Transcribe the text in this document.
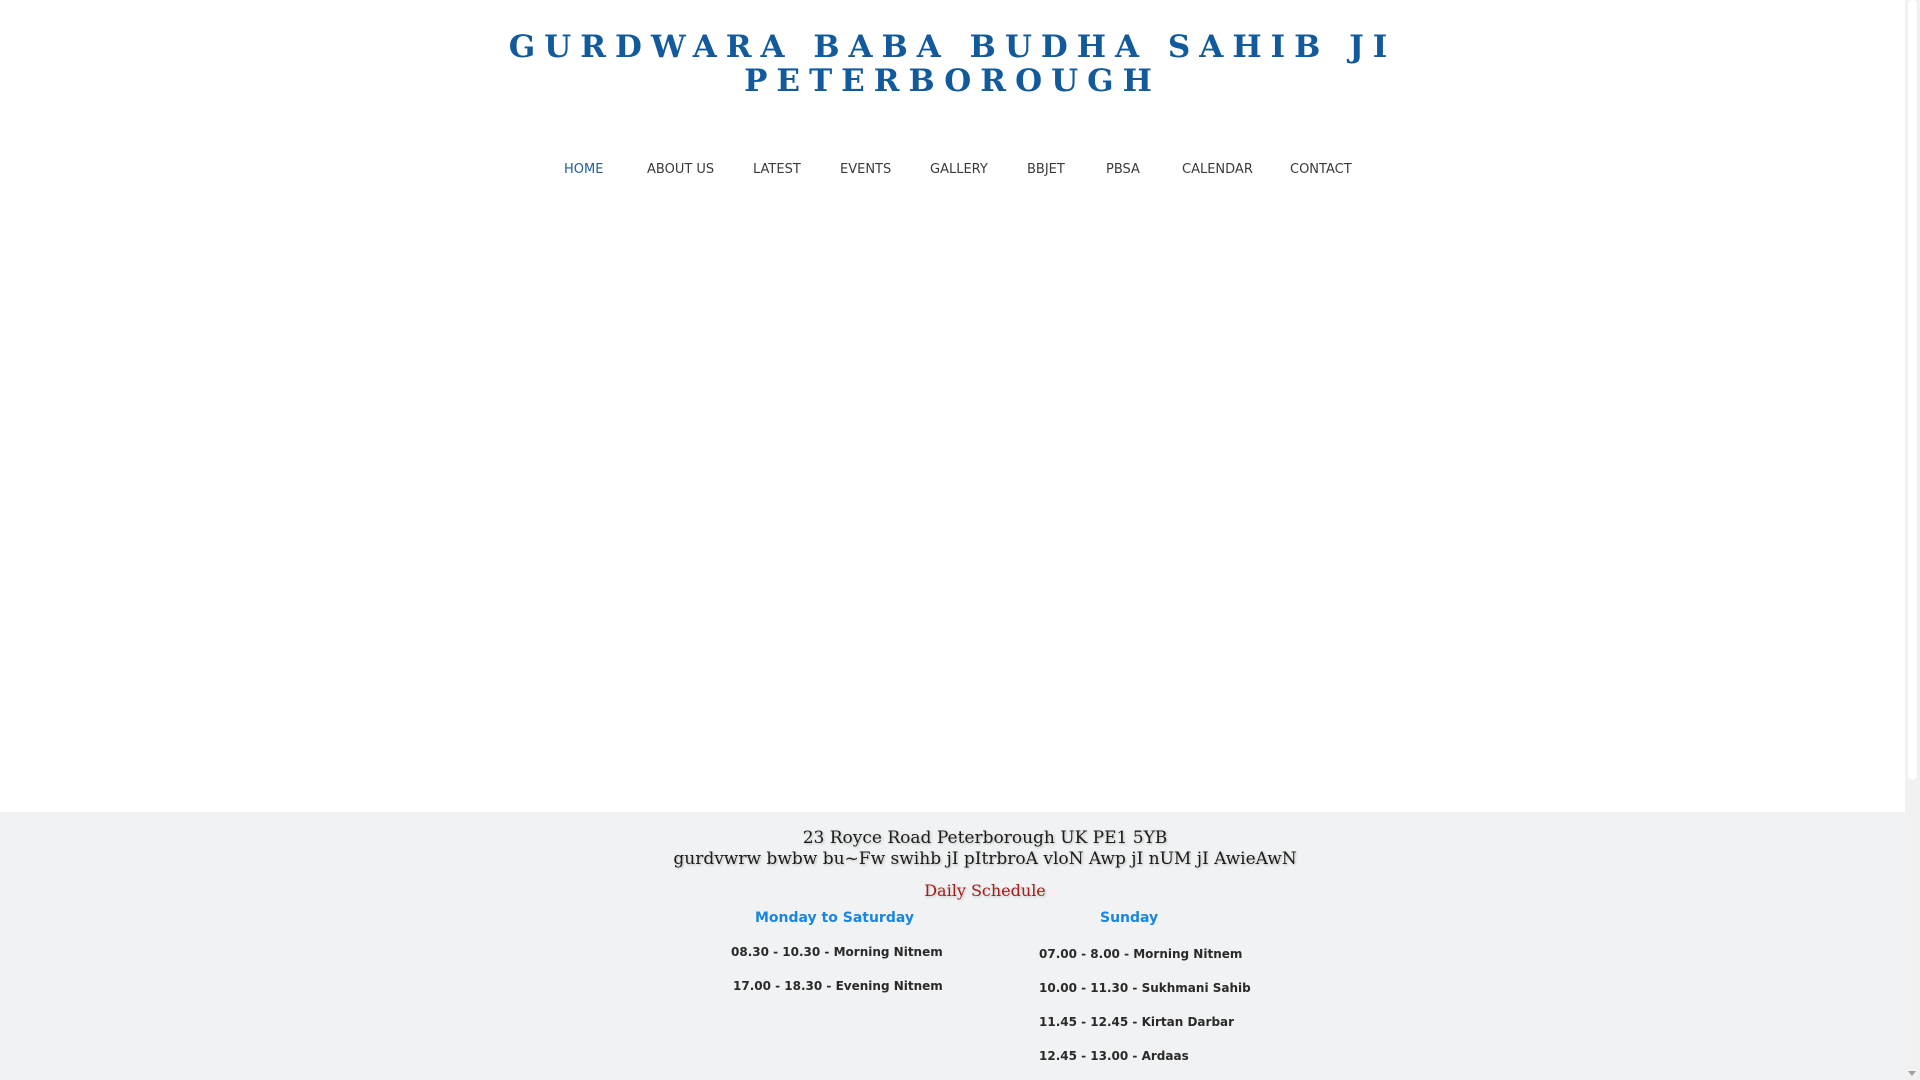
GURDWARA BABA BUDHA SAHIB JI
PETERBOROUGH
HOME	ABOUT US	LATEST	EVENTS	GALLERY	BBJET	PBSA	CALENDAR	CONTACT
23 Royce Road Peterborough UK PE1 5YB
gurdvwrw bwbw bu~Fw swihb jI pItrbroA vloN Awp jI nUM jI AwieAwN
Daily Schedule
Monday to Saturday
08.30 - 10.30 - Morning Nitnem
17.00 - 18.30 - Evening Nitnem
Sunday
07.00 - 8.00 - Morning Nitnem
10.00 - 11.30 - Sukhmani Sahib
11.45 - 12.45 - Kirtan Darbar
12.45 - 13.00 - Ardaas
